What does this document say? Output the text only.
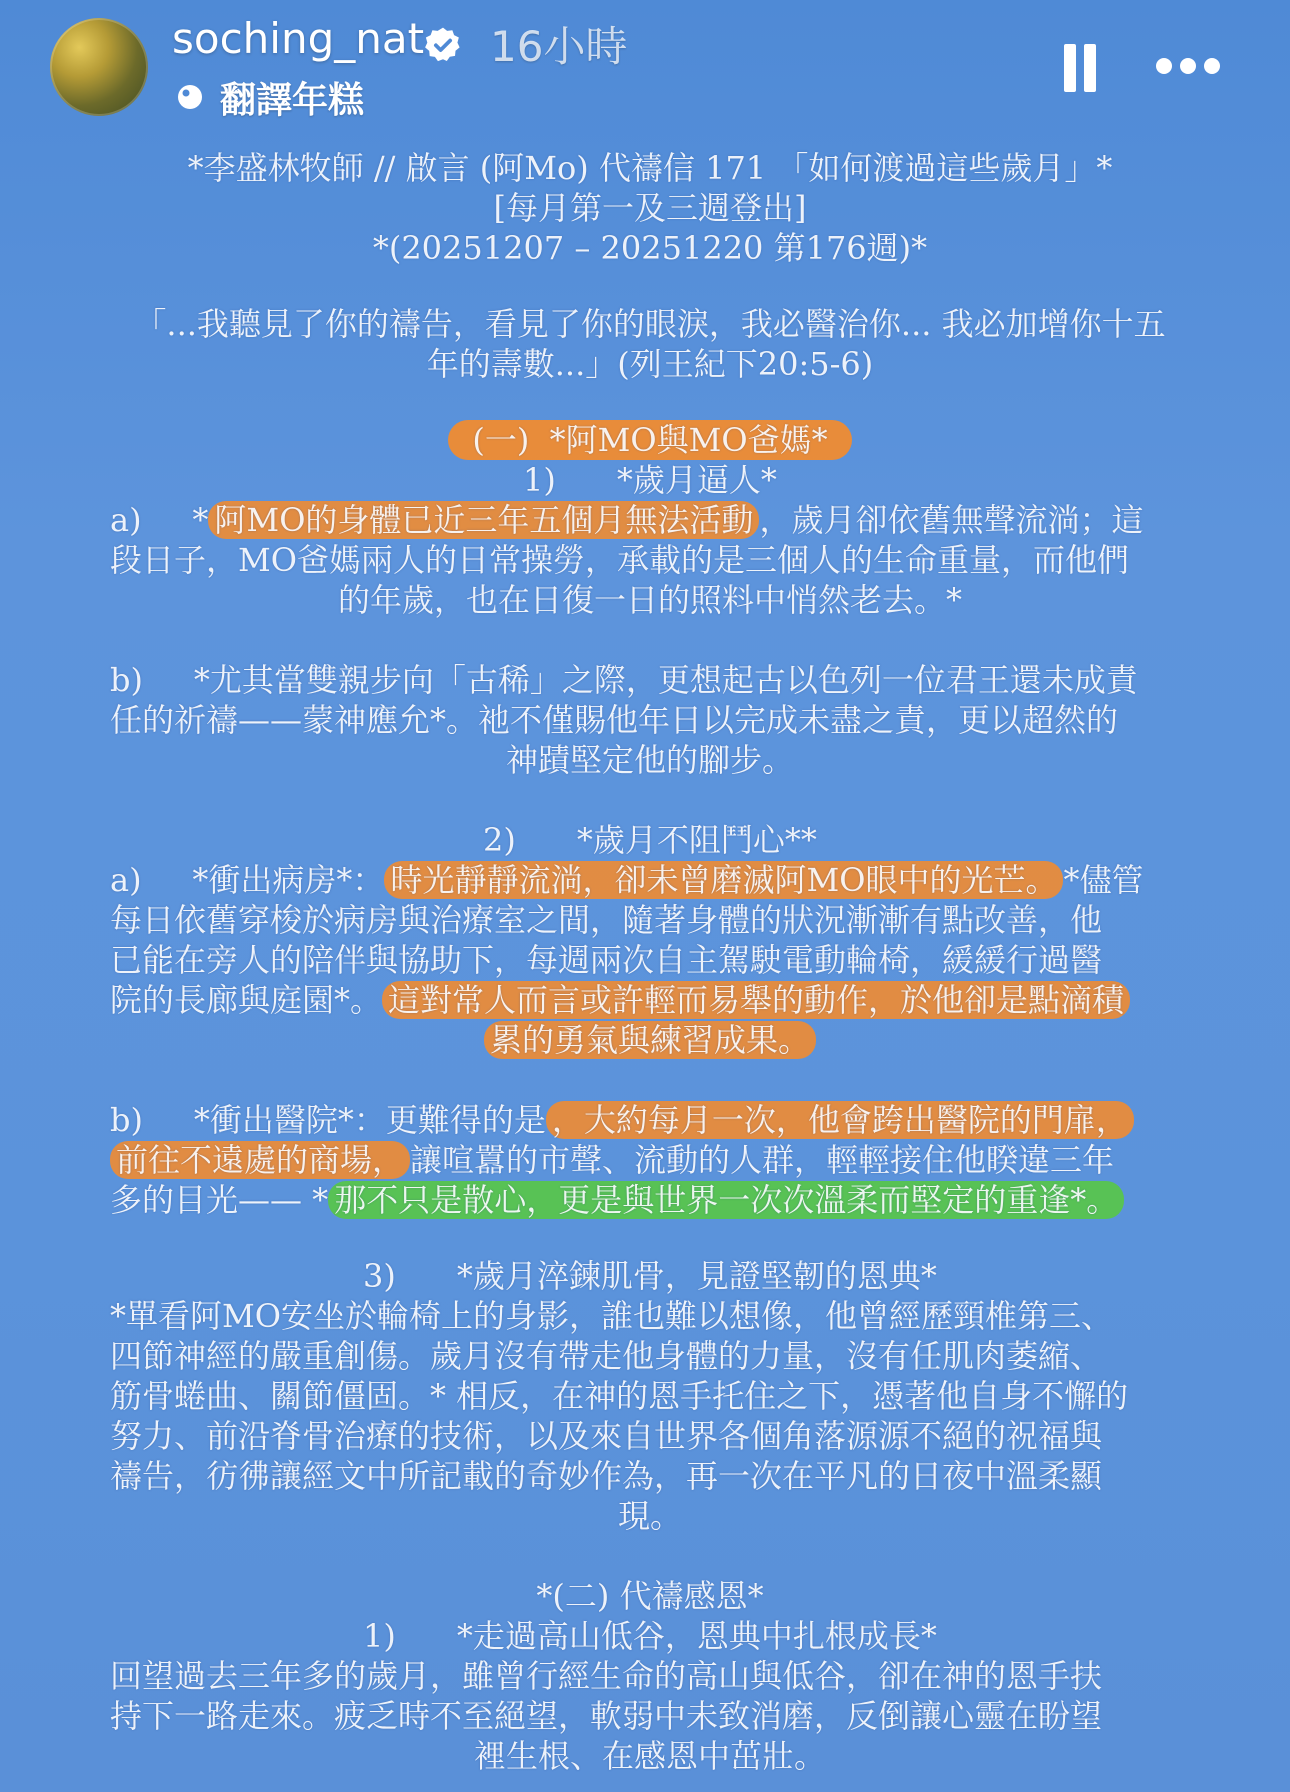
soching_nat 16小時
翻譯年糕
*李盛林牧師 // 啟言 (阿Mo) 代禱信 171 「如何渡過這些歲月」*
[每月第一及三週登出]
*(20251207 – 20251220 第176週)*
「...我聽見了你的禱告，看見了你的眼淚，我必醫治你... 我必加增你十五
年的壽數...」(列王紀下20:5-6)
(一)  *阿MO與MO爸媽*
1)      *歲月逼人*
a)     * 阿MO的身體已近三年五個月無法活動 ，歲月卻依舊無聲流淌；這
段日子，MO爸媽兩人的日常操勞，承載的是三個人的生命重量，而他們
的年歲，也在日復一日的照料中悄然老去。*
b)     *尤其當雙親步向「古稀」之際，更想起古以色列一位君王還未成責
任的祈禱——蒙神應允*。祂不僅賜他年日以完成未盡之責，更以超然的
神蹟堅定他的腳步。
2)      *歲月不阻鬥心**
a)     *衝出病房*： 時光靜靜流淌，卻未曾磨滅阿MO眼中的光芒。 *儘管
每日依舊穿梭於病房與治療室之間，隨著身體的狀況漸漸有點改善，他
已能在旁人的陪伴與協助下，每週兩次自主駕駛電動輪椅，緩緩行過醫
院的長廊與庭園*。 這對常人而言或許輕而易舉的動作，於他卻是點滴積
累的勇氣與練習成果。
b)     *衝出醫院*：更難得的是 ，大約每月一次，他會跨出醫院的門扉，
前往不遠處的商場， 讓喧囂的市聲、流動的人群，輕輕接住他睽違三年
多的目光—— * 那不只是散心，更是與世界一次次溫柔而堅定的重逢*。
3)      *歲月淬鍊肌骨，見證堅韌的恩典*
*單看阿MO安坐於輪椅上的身影，誰也難以想像，他曾經歷頸椎第三、
四節神經的嚴重創傷。歲月沒有帶走他身體的力量，沒有任肌肉萎縮、
筋骨蜷曲、關節僵固。* 相反，在神的恩手托住之下，憑著他自身不懈的
努力、前沿脊骨治療的技術，以及來自世界各個角落源源不絕的祝福與
禱告，彷彿讓經文中所記載的奇妙作為，再一次在平凡的日夜中溫柔顯
現。
*(二) 代禱感恩*
1)      *走過高山低谷，恩典中扎根成長*
回望過去三年多的歲月，雖曾行經生命的高山與低谷，卻在神的恩手扶
持下一路走來。疲乏時不至絕望，軟弱中未致消磨，反倒讓心靈在盼望
裡生根、在感恩中茁壯。
